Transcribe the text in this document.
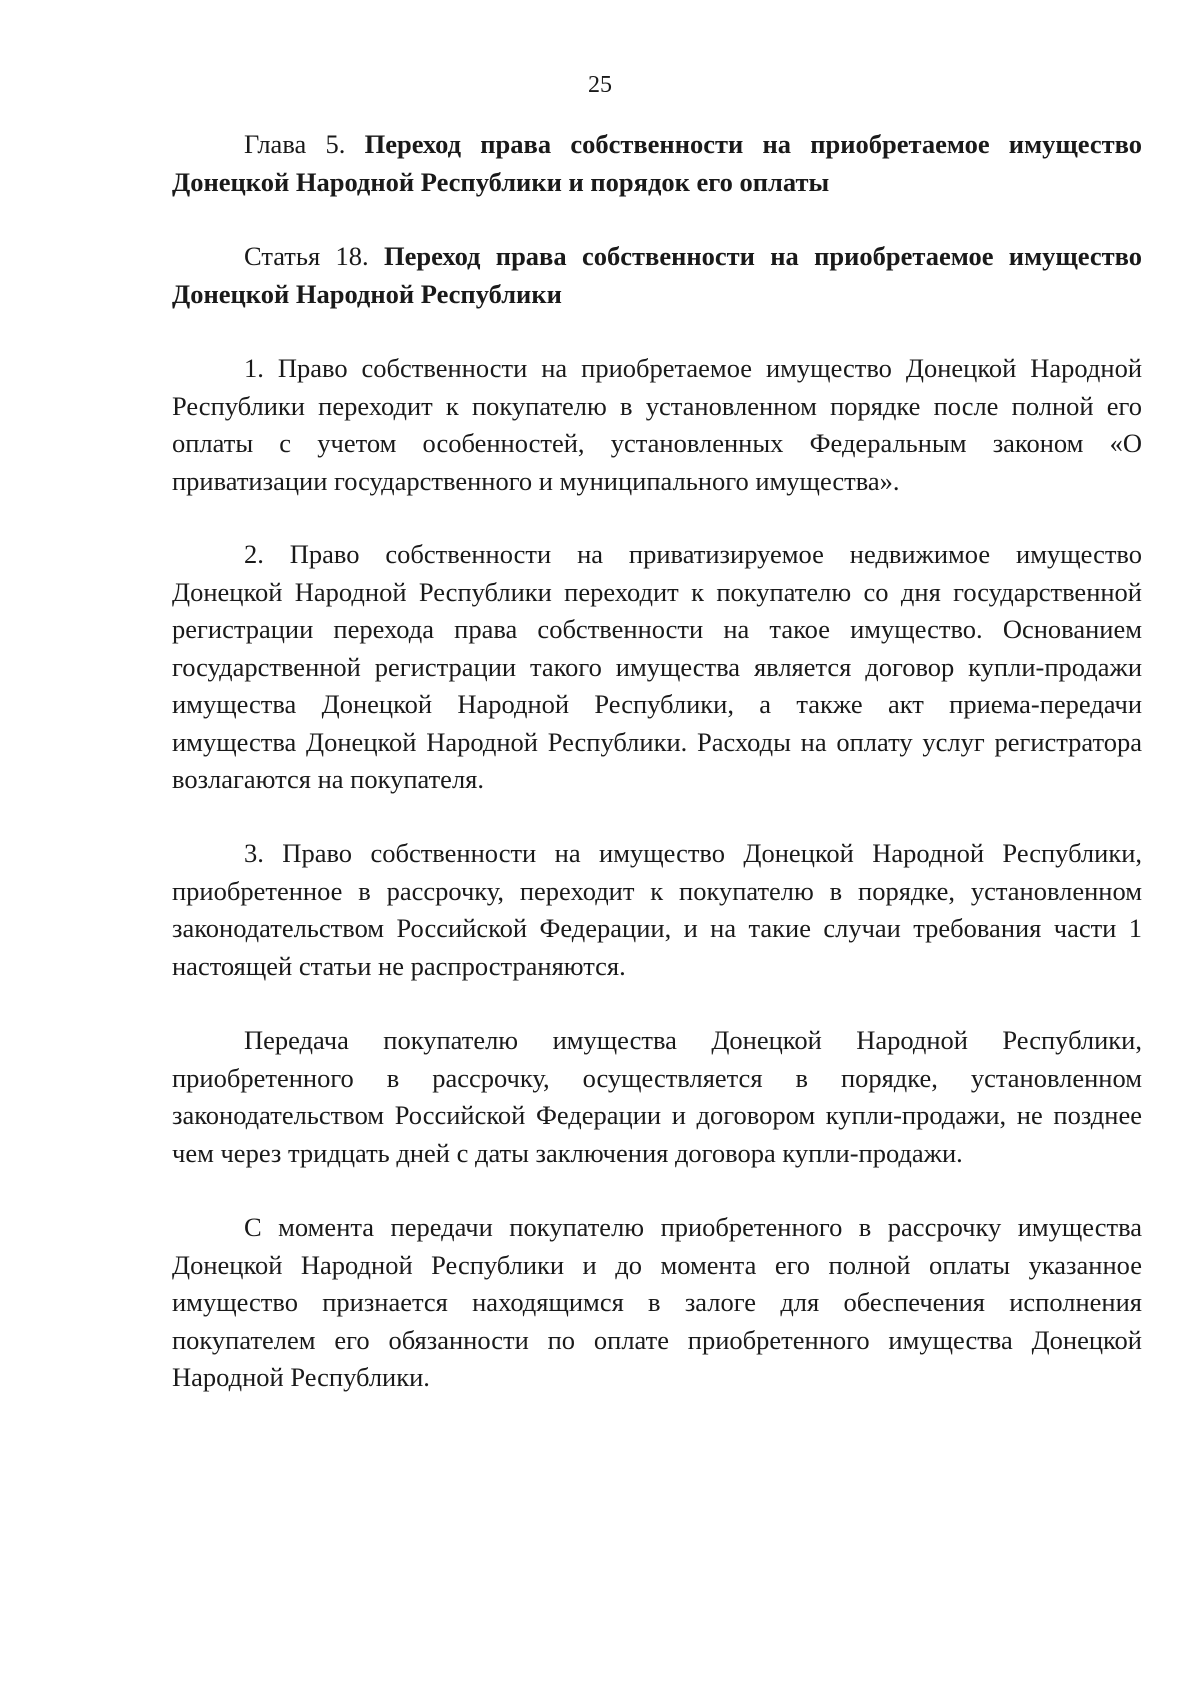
25

Глава 5. Переход права собственности на приобретаемое имущество Донецкой Народной Республики и порядок его оплаты

Статья 18. Переход права собственности на приобретаемое имущество Донецкой Народной Республики

1. Право собственности на приобретаемое имущество Донецкой Народной Республики переходит к покупателю в установленном порядке после полной его оплаты с учетом особенностей, установленных Федеральным законом «О приватизации государственного и муниципального имущества».

2. Право собственности на приватизируемое недвижимое имущество Донецкой Народной Республики переходит к покупателю со дня государственной регистрации перехода права собственности на такое имущество. Основанием государственной регистрации такого имущества является договор купли-продажи имущества Донецкой Народной Республики, а также акт приема-передачи имущества Донецкой Народной Республики. Расходы на оплату услуг регистратора возлагаются на покупателя.

3. Право собственности на имущество Донецкой Народной Республики, приобретенное в рассрочку, переходит к покупателю в порядке, установленном законодательством Российской Федерации, и на такие случаи требования части 1 настоящей статьи не распространяются.

Передача покупателю имущества Донецкой Народной Республики, приобретенного в рассрочку, осуществляется в порядке, установленном законодательством Российской Федерации и договором купли-продажи, не позднее чем через тридцать дней с даты заключения договора купли-продажи.

С момента передачи покупателю приобретенного в рассрочку имущества Донецкой Народной Республики и до момента его полной оплаты указанное имущество признается находящимся в залоге для обеспечения исполнения покупателем его обязанности по оплате приобретенного имущества Донецкой Народной Республики.
